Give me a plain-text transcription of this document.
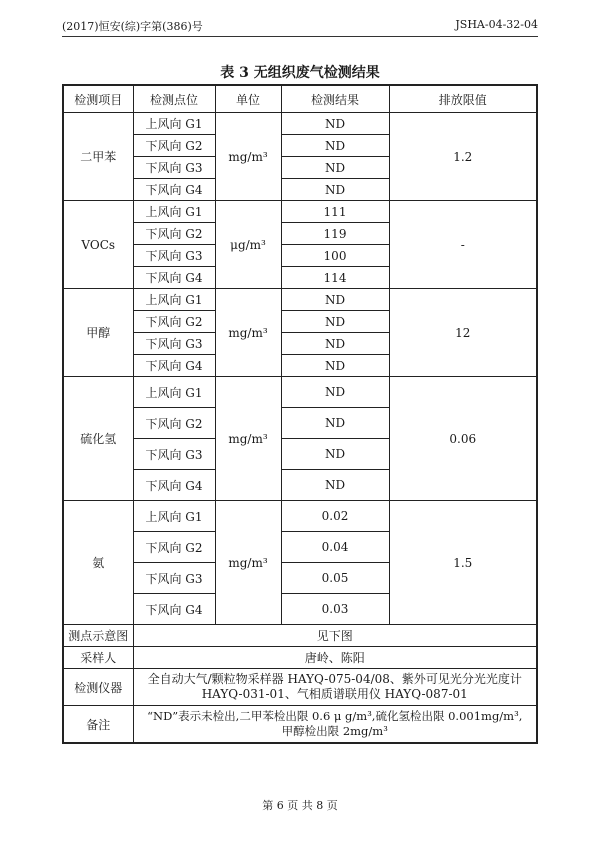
(2017)恒安(综)字第(386)号	JSHA-04-32-04
表 3 无组织废气检测结果
检测项目	检测点位	单位	检测结果	排放限值
二甲苯	上风向 G1	mg/m³	ND	1.2
	下风向 G2		ND	
	下风向 G3		ND	
	下风向 G4		ND	
VOCs	上风向 G1	μg/m³	111	-
	下风向 G2		119	
	下风向 G3		100	
	下风向 G4		114	
甲醇	上风向 G1	mg/m³	ND	12
	下风向 G2		ND	
	下风向 G3		ND	
	下风向 G4		ND	
硫化氢	上风向 G1	mg/m³	ND	0.06
	下风向 G2		ND	
	下风向 G3		ND	
	下风向 G4		ND	
氨	上风向 G1	mg/m³	0.02	1.5
	下风向 G2		0.04	
	下风向 G3		0.05	
	下风向 G4		0.03	
测点示意图	见下图			
采样人	唐岭、陈阳			
检测仪器	全自动大气/颗粒物采样器 HAYQ-075-04/08、紫外可见光分光光度计
HAYQ-031-01、气相质谱联用仪 HAYQ-087-01			

备注	“ND”表示未检出,二甲苯检出限 0.6 μ g/m³,硫化氢检出限 0.001mg/m³,
甲醇检出限 2mg/m³			
第 6 页 共 8 页
